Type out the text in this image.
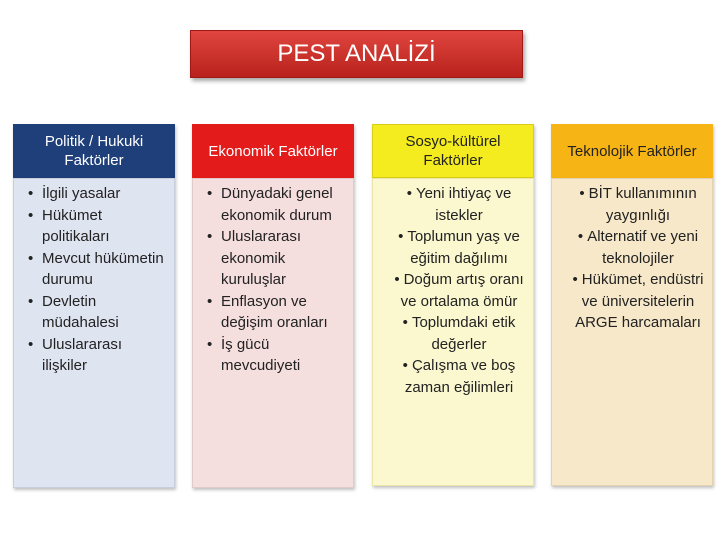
PEST ANALİZİ
Politik / Hukuki Faktörler
• İlgili yasalar
• Hükümet politikaları
• Mevcut hükümetin durumu
• Devletin müdahalesi
• Uluslararası ilişkiler
Ekonomik Faktörler
• Dünyadaki genel ekonomik durum
• Uluslararası ekonomik kuruluşlar
• Enflasyon ve değişim oranları
• İş gücü mevcudiyeti
Sosyo-kültürel Faktörler
• Yeni ihtiyaç ve istekler
• Toplumun yaş ve eğitim dağılımı
• Doğum artış oranı ve ortalama ömür
• Toplumdaki etik değerler
• Çalışma ve boş zaman eğilimleri
Teknolojik Faktörler
• BİT kullanımının yaygınlığı
• Alternatif ve yeni teknolojiler
• Hükümet, endüstri ve üniversitelerin ARGE harcamaları
